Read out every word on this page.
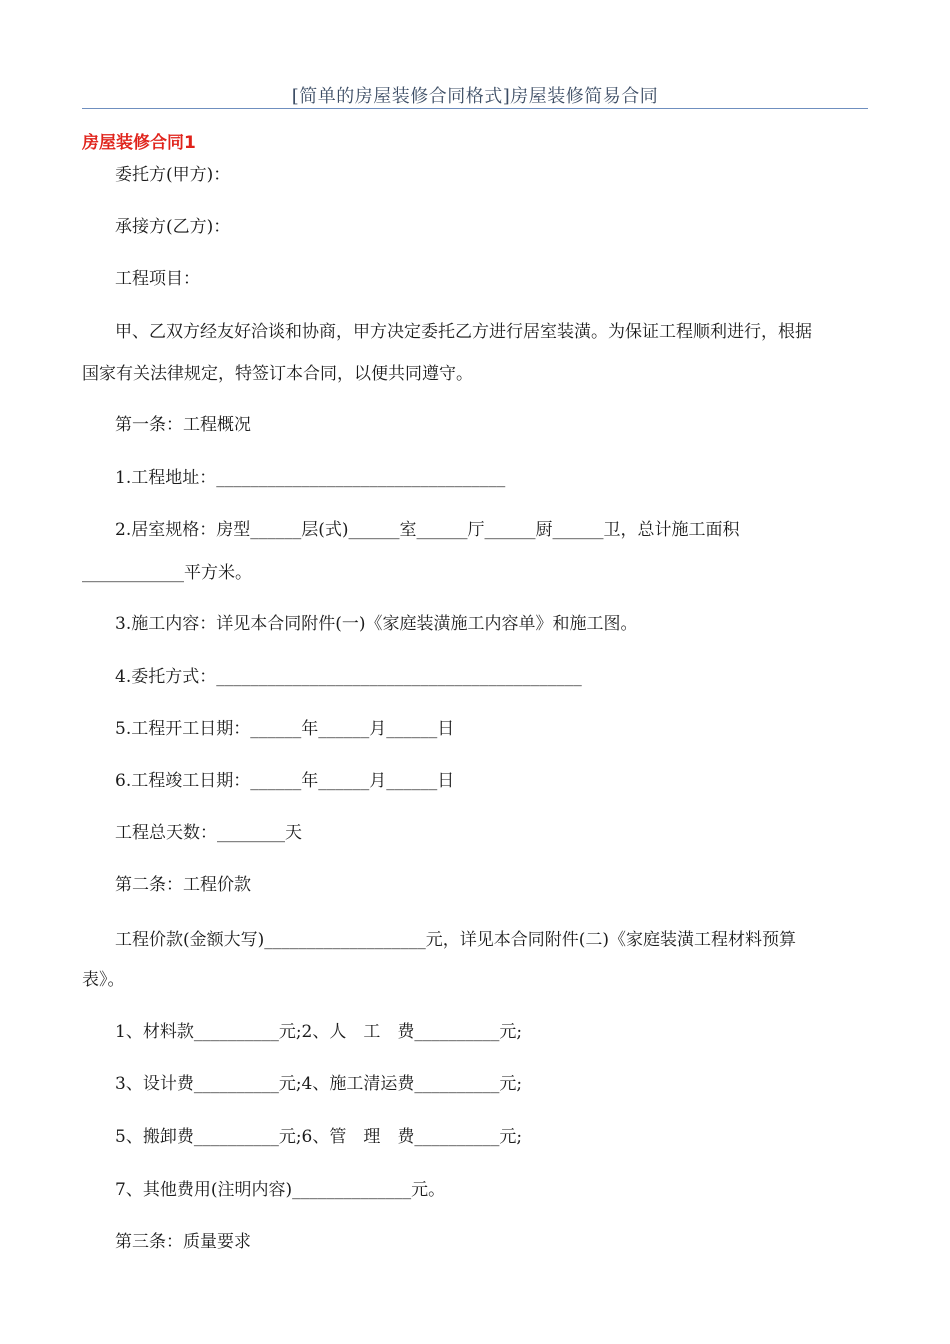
[简单的房屋装修合同格式]房屋装修简易合同
房屋装修合同1
委托方(甲方)：
承接方(乙方)：
工程项目：
甲、乙双方经友好洽谈和协商，甲方决定委托乙方进行居室装潢。为保证工程顺利进行，根据
国家有关法律规定，特签订本合同，以便共同遵守。
第一条：工程概况
1.工程地址：__________________________________
2.居室规格：房型______层(式)______室______厅______厨______卫，总计施工面积
____________平方米。
3.施工内容：详见本合同附件(一)《家庭装潢施工内容单》和施工图。
4.委托方式：___________________________________________
5.工程开工日期：______年______月______日
6.工程竣工日期：______年______月______日
工程总天数：________天
第二条：工程价款
工程价款(金额大写)___________________元，详见本合同附件(二)《家庭装潢工程材料预算
表》。
1、材料款__________元;2、人　工　费__________元;
3、设计费__________元;4、施工清运费__________元;
5、搬卸费__________元;6、管　理　费__________元;
7、其他费用(注明内容)______________元。
第三条：质量要求
